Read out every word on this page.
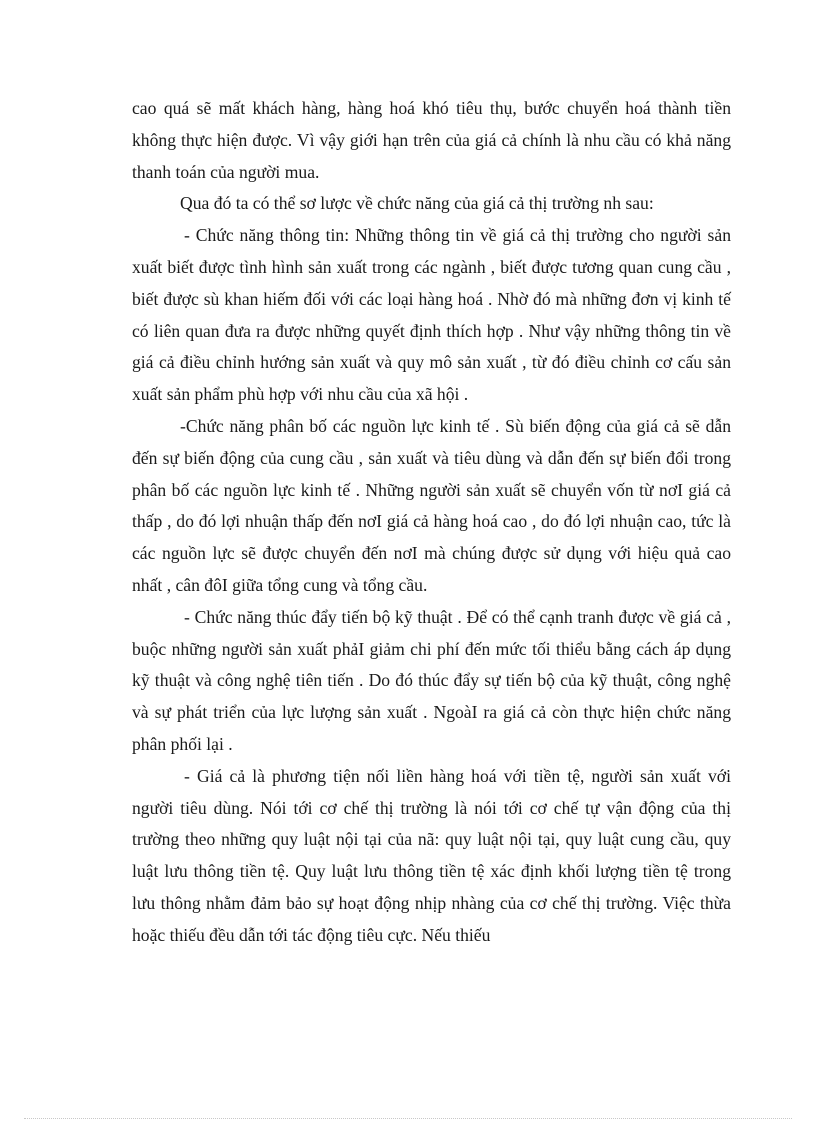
cao quá sẽ mất khách hàng, hàng hoá khó tiêu thụ, bước chuyển hoá thành tiền không thực hiện được. Vì vậy giới hạn trên của giá cả chính là nhu cầu có khả năng thanh toán của người mua.

Qua đó ta có thể sơ lược về chức năng của giá cả thị trường nh sau:

- Chức năng thông tin: Những thông tin về giá cả thị trường cho người sản xuất biết được tình hình sản xuất trong các ngành , biết được tương quan cung cầu , biết được sù khan hiếm đối với các loại hàng hoá . Nhờ đó mà những đơn vị kinh tế có liên quan đưa ra được những quyết định thích hợp . Như vậy những thông tin về giá cả điều chỉnh hướng sản xuất và quy mô sản xuất , từ đó điều chỉnh cơ cấu sản xuất sản phẩm phù hợp với nhu cầu của xã hội .

-Chức năng phân bố các nguồn lực kinh tế . Sù biến động của giá cả sẽ dẫn đến sự biến động của cung cầu , sản xuất và tiêu dùng và dẫn đến sự biến đổi trong phân bố các nguồn lực kinh tế . Những người sản xuất sẽ chuyển vốn từ nơI giá cả thấp , do đó lợi nhuận thấp đến nơI giá cả hàng hoá cao , do đó lợi nhuận cao, tức là các nguồn lực sẽ được chuyển đến nơI mà chúng được sử dụng với hiệu quả cao nhất , cân đôI giữa tổng cung và tổng cầu.

- Chức năng thúc đẩy tiến bộ kỹ thuật . Để có thể cạnh tranh được về giá cả , buộc những người sản xuất phảI giảm chi phí đến mức tối thiểu bằng cách áp dụng kỹ thuật và công nghệ tiên tiến . Do đó thúc đẩy sự tiến bộ của kỹ thuật, công nghệ và sự phát triển của lực lượng sản xuất . NgoàI ra giá cả còn thực hiện chức năng phân phối lại .

- Giá cả là phương tiện nối liền hàng hoá với tiền tệ, người sản xuất với người tiêu dùng. Nói tới cơ chế thị trường là nói tới cơ chế tự vận động của thị trường theo những quy luật nội tại của nã: quy luật nội tại, quy luật cung cầu, quy luật lưu thông tiền tệ. Quy luật lưu thông tiền tệ xác định khối lượng tiền tệ trong lưu thông nhằm đảm bảo sự hoạt động nhịp nhàng của cơ chế thị trường. Việc thừa hoặc thiếu đều dẫn tới tác động tiêu cực. Nếu thiếu
